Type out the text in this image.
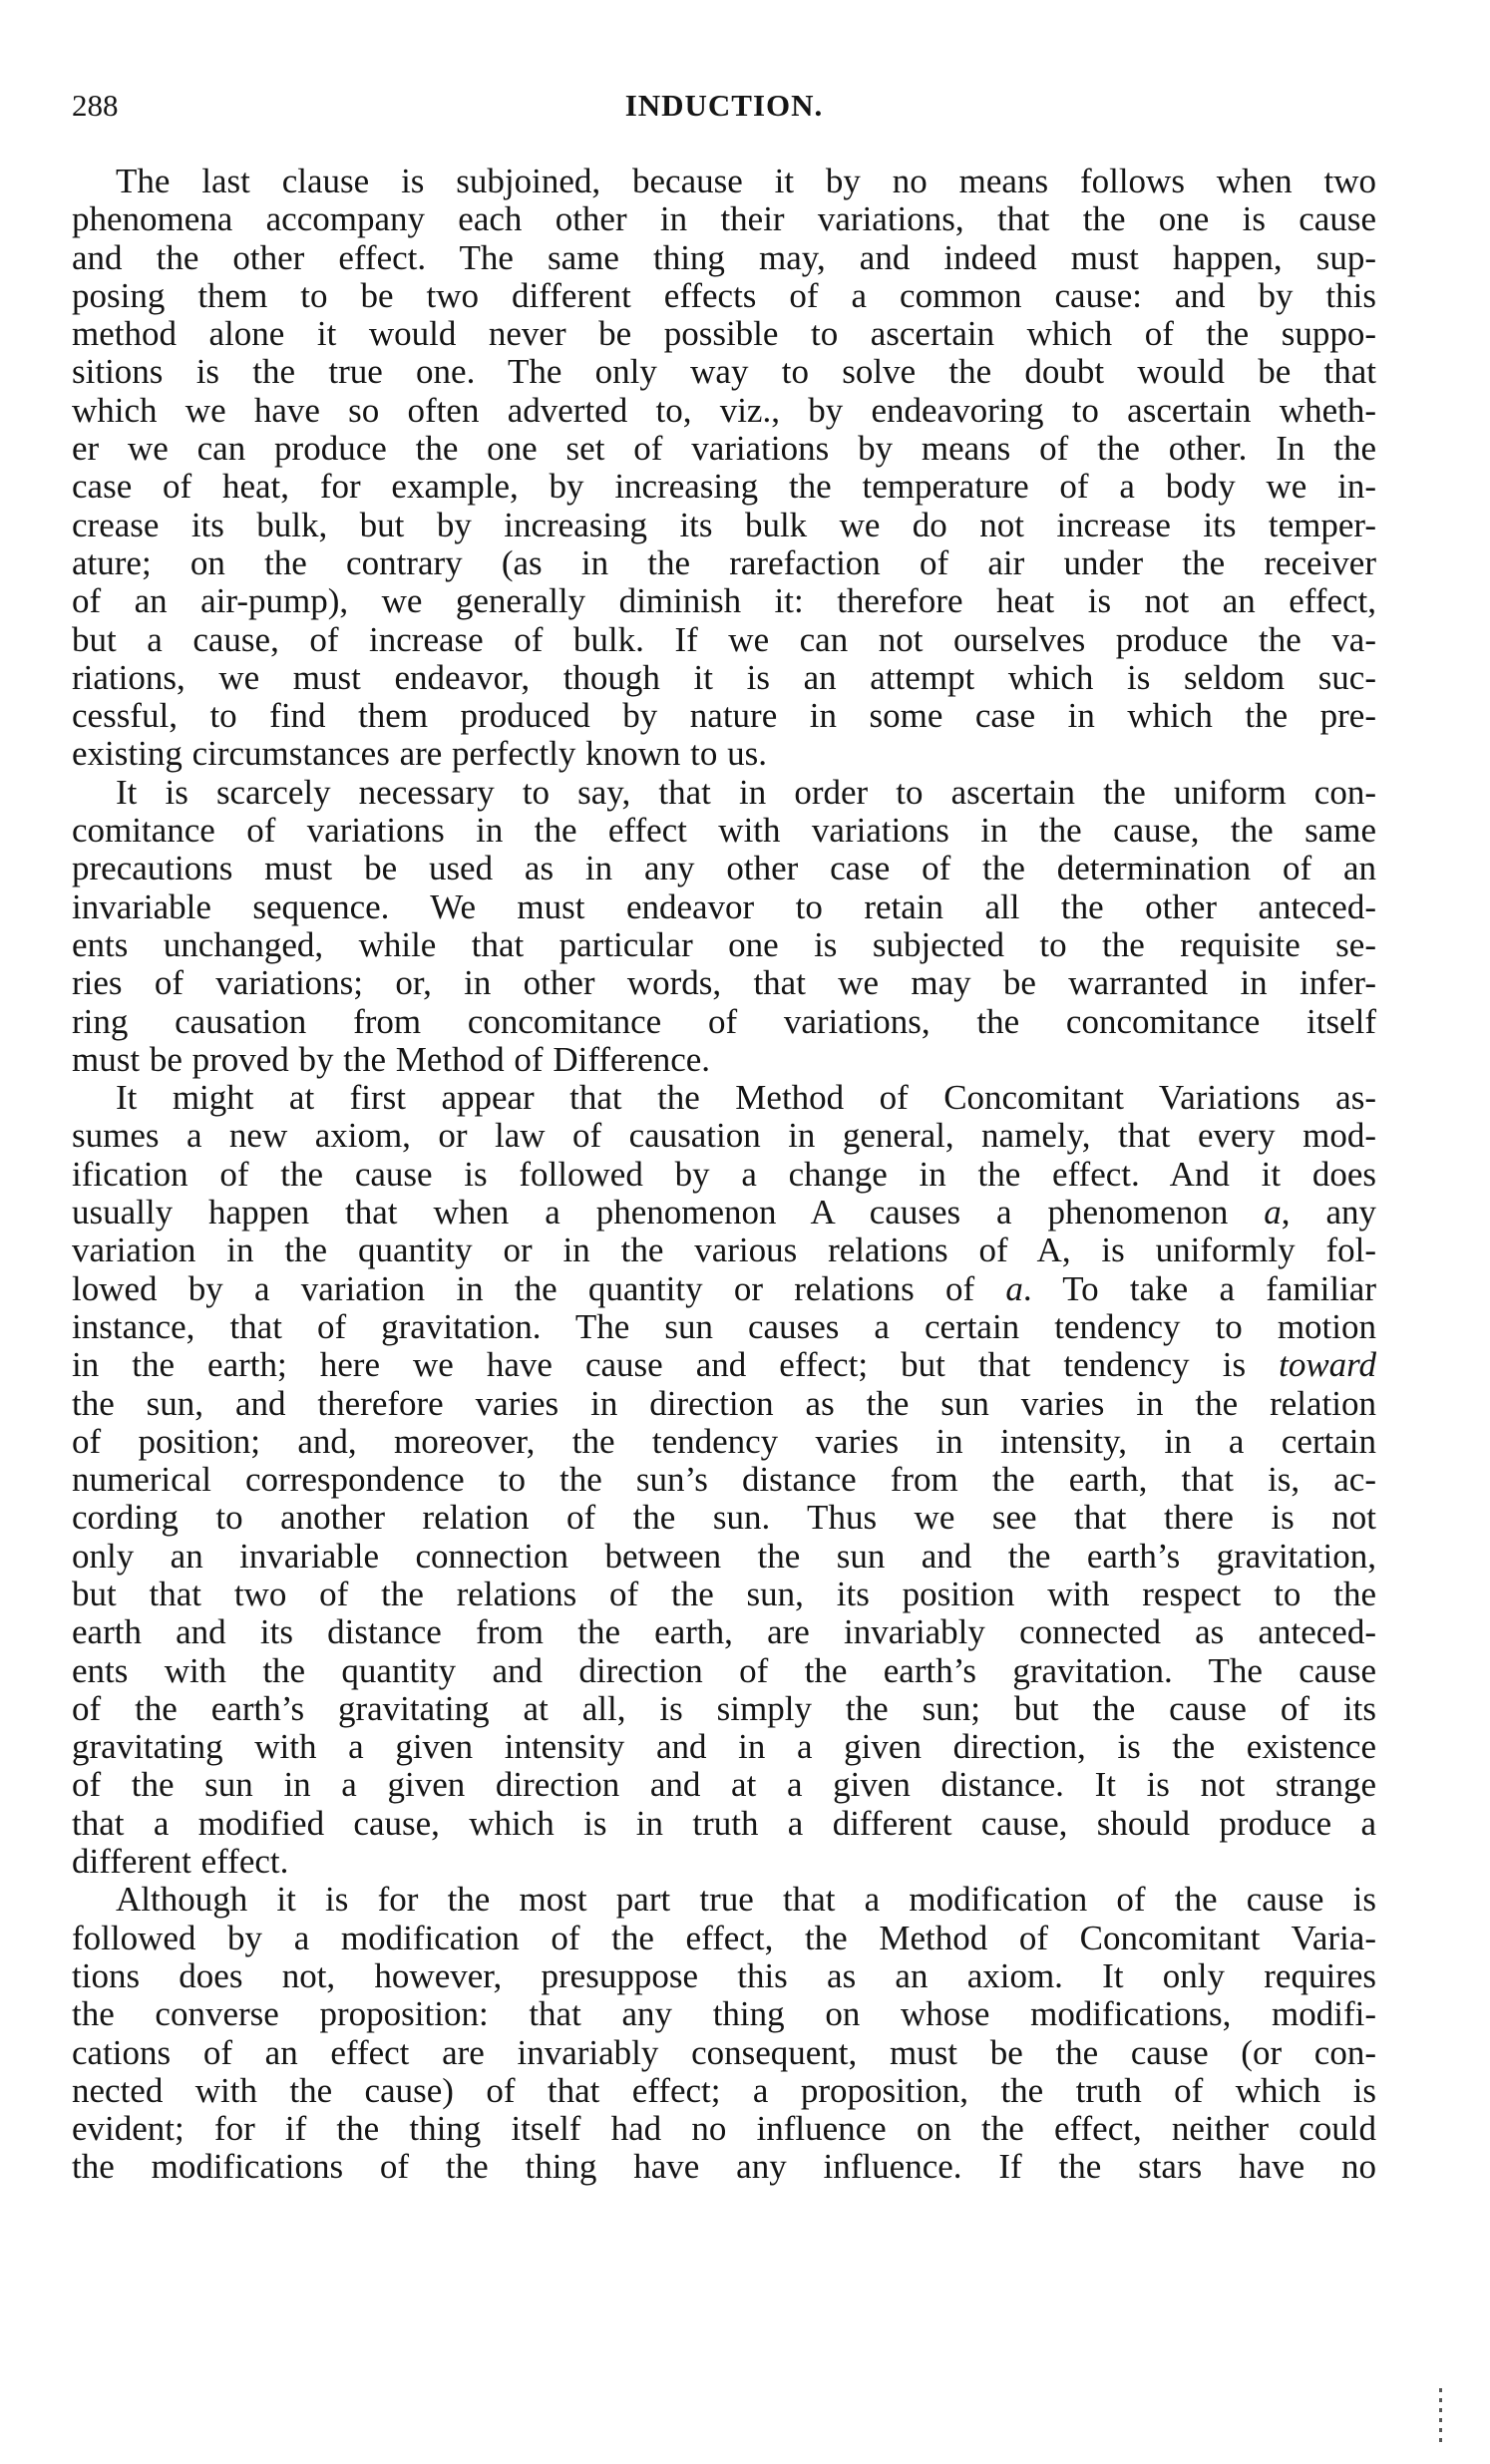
288	INDUCTION.
The last clause is subjoined, because it by no means follows when two
phenomena accompany each other in their variations, that the one is cause
and the other effect. The same thing may, and indeed must happen, sup-
posing them to be two different effects of a common cause: and by this
method alone it would never be possible to ascertain which of the suppo-
sitions is the true one. The only way to solve the doubt would be that
which we have so often adverted to, viz., by endeavoring to ascertain wheth-
er we can produce the one set of variations by means of the other. In the
case of heat, for example, by increasing the temperature of a body we in-
crease its bulk, but by increasing its bulk we do not increase its temper-
ature; on the contrary (as in the rarefaction of air under the receiver
of an air-pump), we generally diminish it: therefore heat is not an effect,
but a cause, of increase of bulk. If we can not ourselves produce the va-
riations, we must endeavor, though it is an attempt which is seldom suc-
cessful, to find them produced by nature in some case in which the pre-
existing circumstances are perfectly known to us.
It is scarcely necessary to say, that in order to ascertain the uniform con-
comitance of variations in the effect with variations in the cause, the same
precautions must be used as in any other case of the determination of an
invariable sequence. We must endeavor to retain all the other anteced-
ents unchanged, while that particular one is subjected to the requisite se-
ries of variations; or, in other words, that we may be warranted in infer-
ring causation from concomitance of variations, the concomitance itself
must be proved by the Method of Difference.
It might at first appear that the Method of Concomitant Variations as-
sumes a new axiom, or law of causation in general, namely, that every mod-
ification of the cause is followed by a change in the effect. And it does
usually happen that when a phenomenon A causes a phenomenon a, any
variation in the quantity or in the various relations of A, is uniformly fol-
lowed by a variation in the quantity or relations of a. To take a familiar
instance, that of gravitation. The sun causes a certain tendency to motion
in the earth; here we have cause and effect; but that tendency is toward
the sun, and therefore varies in direction as the sun varies in the relation
of position; and, moreover, the tendency varies in intensity, in a certain
numerical correspondence to the sun’s distance from the earth, that is, ac-
cording to another relation of the sun. Thus we see that there is not
only an invariable connection between the sun and the earth’s gravitation,
but that two of the relations of the sun, its position with respect to the
earth and its distance from the earth, are invariably connected as anteced-
ents with the quantity and direction of the earth’s gravitation. The cause
of the earth’s gravitating at all, is simply the sun; but the cause of its
gravitating with a given intensity and in a given direction, is the existence
of the sun in a given direction and at a given distance. It is not strange
that a modified cause, which is in truth a different cause, should produce a
different effect.
Although it is for the most part true that a modification of the cause is
followed by a modification of the effect, the Method of Concomitant Varia-
tions does not, however, presuppose this as an axiom. It only requires
the converse proposition: that any thing on whose modifications, modifi-
cations of an effect are invariably consequent, must be the cause (or con-
nected with the cause) of that effect; a proposition, the truth of which is
evident; for if the thing itself had no influence on the effect, neither could
the modifications of the thing have any influence. If the stars have no
